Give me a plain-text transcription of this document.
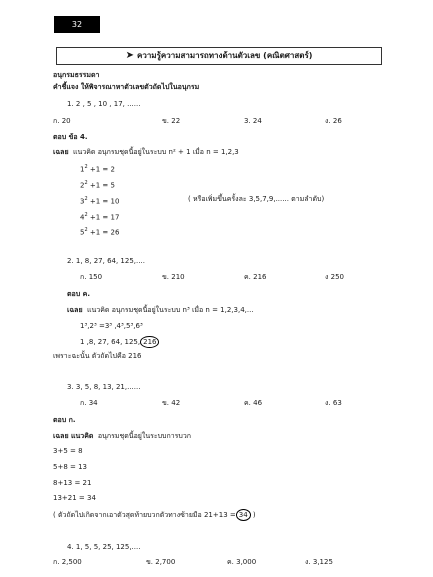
32
➤ ความรู้ความสามารถทางด้านตัวเลข (คณิตศาสตร์)
อนุกรมธรรมดา
คำชี้แจง ให้พิจารณาหาตัวเลขตัวถัดไปในอนุกรม
1. 2 , 5 , 10 , 17, ......
ก. 20	ข. 22	3. 24	ง. 26
ตอบ ข้อ 4.
เฉลย แนวคิด อนุกรมชุดนี้อยู่ในระบบ n² + 1 เมื่อ n = 1,2,3
$1^2 +1 = 2$
$2^2 +1 = 5$
$3^2 +1 = 10$
$4^2 +1 = 17$
$5^2 +1 = 26$
( หรือเพิ่มขึ้นครั้งละ 3,5,7,9,...... ตามลำดับ)
2. 1, 8, 27, 64, 125,....
ก. 150	ข. 210	ค. 216	ง 250
ตอบ ค.
เฉลย แนวคิด อนุกรมชุดนี้อยู่ในระบบ n³ เมื่อ n = 1,2,3,4,...
1³,2³ =3³ ,4³,5³,6³
1 ,8, 27, 64, 125, 216
เพราะฉะนั้น ตัวถัดไปคือ 216
3. 3, 5, 8, 13, 21,......
ก. 34	ข. 42	ค. 46	ง. 63
ตอบ ก.
เฉลย แนวคิด อนุกรมชุดนี้อยู่ในระบบการบวก
3+5 = 8
5+8 = 13
8+13 = 21
13+21 = 34
( ตัวถัดไปเกิดจากเอาตัวสุดท้ายบวกตัวทางซ้ายมือ 21+13 = 34 )
4. 1, 5, 5, 25, 125,....
ก. 2,500	ข. 2,700	ค. 3,000	ง. 3,125
